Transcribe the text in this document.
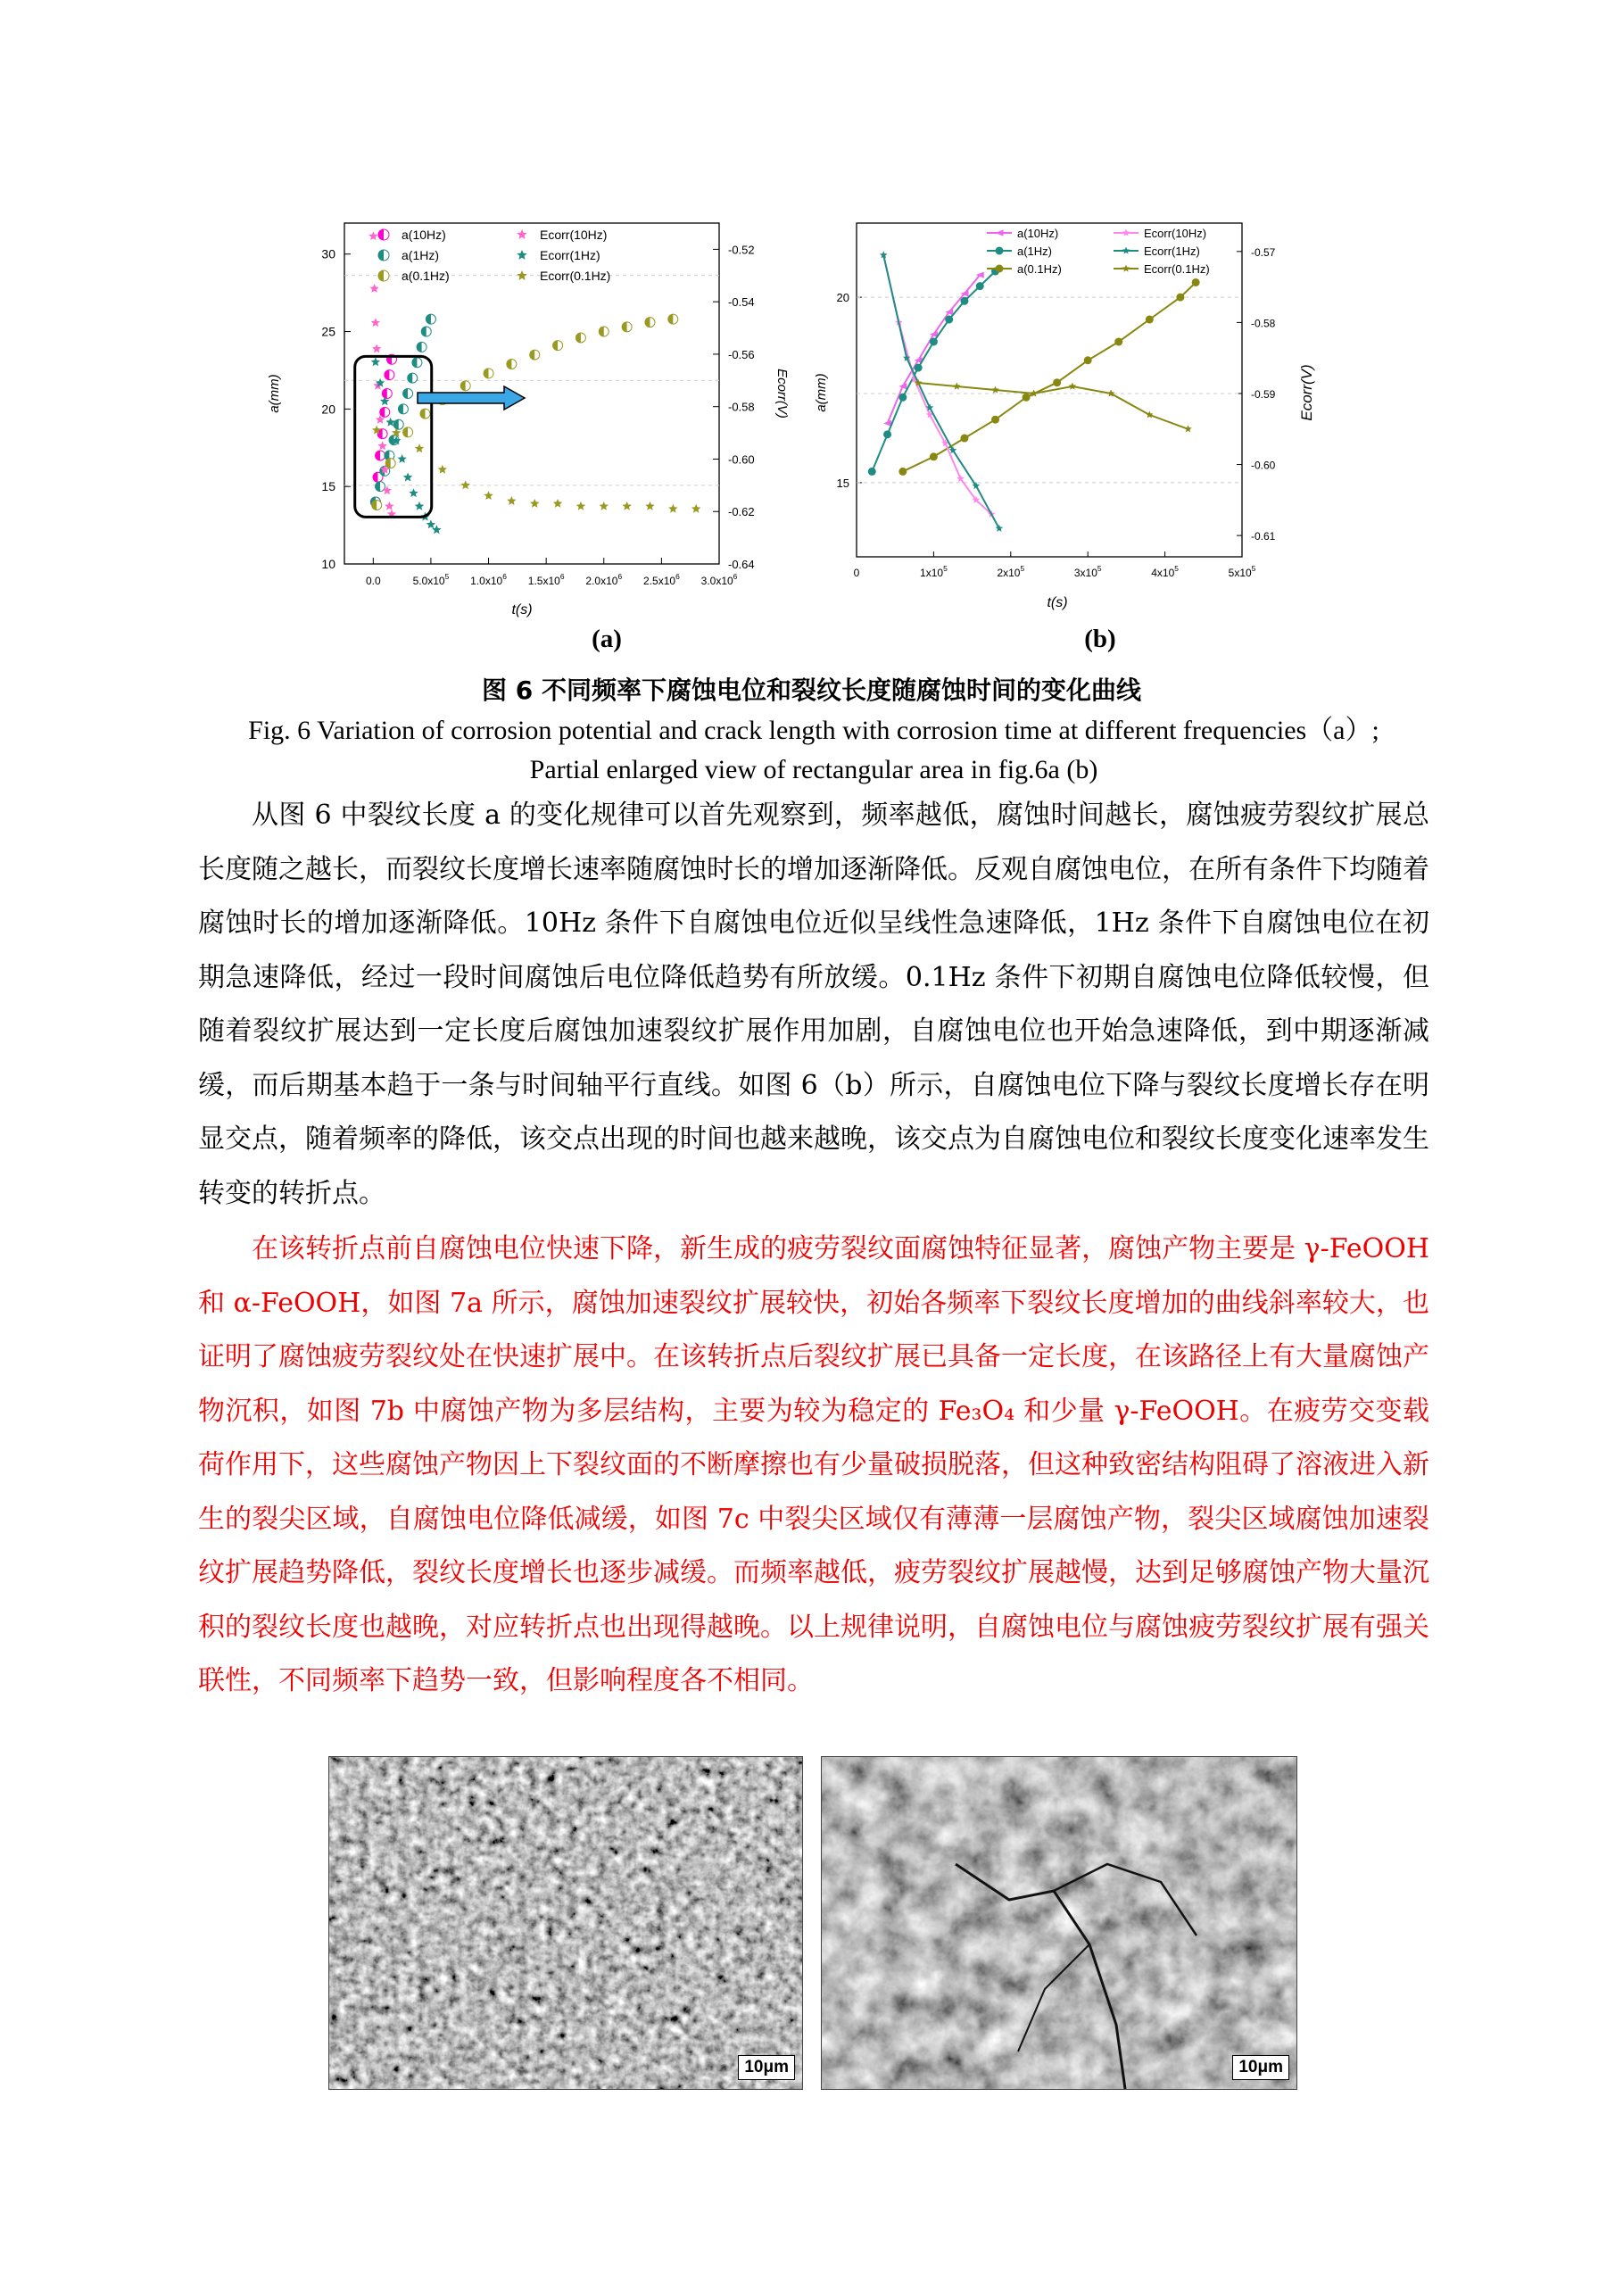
a(mm)	Ecorr(V)
t(s)
0.0	$5.0x10^5$ $1.0x10^6$ $1.5x10^6$ $2.0x10^6$ $2.5x10^6$ $3.0x10^6$
10
15
20
25
30	-0.52
-0.54
-0.56
-0.58
-0.60
-0.62
-0.64
a(10Hz)
a(1Hz)
a(0.1Hz)
Ecorr(10Hz)
Ecorr(1Hz)
Ecorr(0.1Hz)
a(mm)	Ecorr(V)
t(s)
0	$1x10^5$	$2x10^5$	$3x10^5$	$4x10^5$	$5x10^5$
15
20
-0.57
-0.58
-0.59
-0.60
-0.61
a(10Hz)
a(1Hz)
a(0.1Hz)
Ecorr(10Hz)
Ecorr(1Hz)
Ecorr(0.1Hz)
(a)	(b)
图 6 不同频率下腐蚀电位和裂纹长度随腐蚀时间的变化曲线
Fig. 6 Variation of corrosion potential and crack length with corrosion time at different frequencies（a）;
Partial enlarged view of rectangular area in fig.6a (b)

从图 6 中裂纹长度 a 的变化规律可以首先观察到，频率越低，腐蚀时间越长，腐蚀疲劳裂纹扩展总长度随之越长，而裂纹长度增长速率随腐蚀时长的增加逐渐降低。反观自腐蚀电位，在所有条件下均随着腐蚀时长的增加逐渐降低。10Hz 条件下自腐蚀电位近似呈线性急速降低，1Hz 条件下自腐蚀电位在初期急速降低，经过一段时间腐蚀后电位降低趋势有所放缓。0.1Hz 条件下初期自腐蚀电位降低较慢，但随着裂纹扩展达到一定长度后腐蚀加速裂纹扩展作用加剧，自腐蚀电位也开始急速降低，到中期逐渐减缓，而后期基本趋于一条与时间轴平行直线。如图 6（b）所示，自腐蚀电位下降与裂纹长度增长存在明显交点，随着频率的降低，该交点出现的时间也越来越晚，该交点为自腐蚀电位和裂纹长度变化速率发生转变的转折点。

在该转折点前自腐蚀电位快速下降，新生成的疲劳裂纹面腐蚀特征显著，腐蚀产物主要是 γ-FeOOH 和 α-FeOOH，如图 7a 所示，腐蚀加速裂纹扩展较快，初始各频率下裂纹长度增加的曲线斜率较大，也证明了腐蚀疲劳裂纹处在快速扩展中。在该转折点后裂纹扩展已具备一定长度，在该路径上有大量腐蚀产物沉积，如图 7b 中腐蚀产物为多层结构，主要为较为稳定的 Fe₃O₄ 和少量 γ-FeOOH。在疲劳交变载荷作用下，这些腐蚀产物因上下裂纹面的不断摩擦也有少量破损脱落，但这种致密结构阻碍了溶液进入新生的裂尖区域，自腐蚀电位降低减缓，如图 7c 中裂尖区域仅有薄薄一层腐蚀产物，裂尖区域腐蚀加速裂纹扩展趋势降低，裂纹长度增长也逐步减缓。而频率越低，疲劳裂纹扩展越慢，达到足够腐蚀产物大量沉积的裂纹长度也越晚，对应转折点也出现得越晚。以上规律说明，自腐蚀电位与腐蚀疲劳裂纹扩展有强关联性，不同频率下趋势一致，但影响程度各不相同。

10μm	10μm
